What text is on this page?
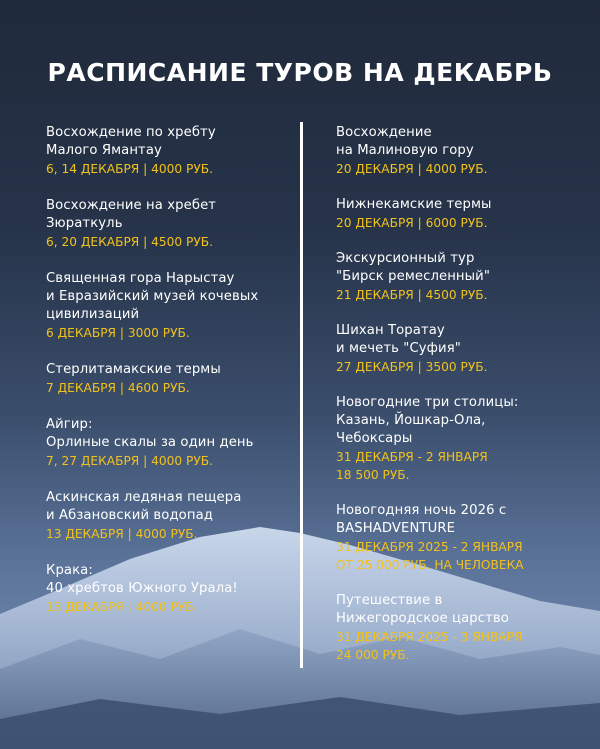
РАСПИСАНИЕ ТУРОВ НА ДЕКАБРЬ
Восхождение по хребту
Малого Ямантау
6, 14 ДЕКАБРЯ | 4000 РУБ.
Восхождение на хребет
Зюраткуль
6, 20 ДЕКАБРЯ | 4500 РУБ.
Священная гора Нарыстау
и Евразийский музей кочевых
цивилизаций
6 ДЕКАБРЯ | 3000 РУБ.
Стерлитамакские термы
7 ДЕКАБРЯ | 4600 РУБ.
Айгир:
Орлиные скалы за один день
7, 27 ДЕКАБРЯ | 4000 РУБ.
Аскинская ледяная пещера
и Абзановский водопад
13 ДЕКАБРЯ | 4000 РУБ.
Крака:
40 хребтов Южного Урала!
13 ДЕКАБРЯ | 4000 РУБ.
Восхождение
на Малиновую гору
20 ДЕКАБРЯ | 4000 РУБ.
Нижнекамские термы
20 ДЕКАБРЯ | 6000 РУБ.
Экскурсионный тур
"Бирск ремесленный"
21 ДЕКАБРЯ | 4500 РУБ.
Шихан Торатау
и мечеть "Суфия"
27 ДЕКАБРЯ | 3500 РУБ.
Новогодние три столицы:
Казань, Йошкар-Ола,
Чебоксары
31 ДЕКАБРЯ - 2 ЯНВАРЯ
18 500 РУБ.
Новогодняя ночь 2026 с
BASHADVENTURE
31 ДЕКАБРЯ 2025 - 2 ЯНВАРЯ
ОТ 25 000 РУБ. НА ЧЕЛОВЕКА
Путешествие в
Нижегородское царство
31 ДЕКАБРЯ 2025 - 3 ЯНВАРЯ
24 000 РУБ.
